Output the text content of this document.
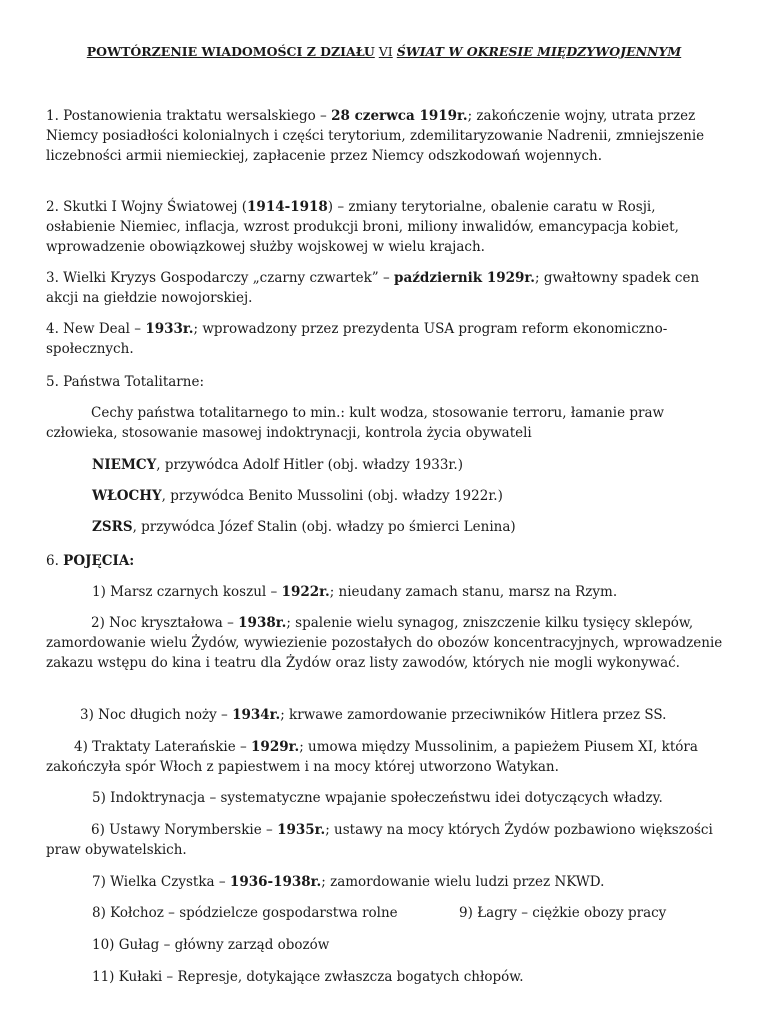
POWTÓRZENIE WIADOMOŚCI Z DZIAŁU VI ŚWIAT W OKRESIE MIĘDZYWOJENNYM

1. Postanowienia traktatu wersalskiego – 28 czerwca 1919r.; zakończenie wojny, utrata przez Niemcy posiadłości kolonialnych i części terytorium, zdemilitaryzowanie Nadrenii, zmniejszenie liczebności armii niemieckiej, zapłacenie przez Niemcy odszkodowań wojennych.

2. Skutki I Wojny Światowej (1914-1918) – zmiany terytorialne, obalenie caratu w Rosji, osłabienie Niemiec, inflacja, wzrost produkcji broni, miliony inwalidów, emancypacja kobiet, wprowadzenie obowiązkowej służby wojskowej w wielu krajach.

3. Wielki Kryzys Gospodarczy „czarny czwartek” – październik 1929r.; gwałtowny spadek cen akcji na giełdzie nowojorskiej.

4. New Deal – 1933r.; wprowadzony przez prezydenta USA program reform ekonomiczno-społecznych.

5. Państwa Totalitarne:

Cechy państwa totalitarnego to min.: kult wodza, stosowanie terroru, łamanie praw człowieka, stosowanie masowej indoktrynacji, kontrola życia obywateli

NIEMCY, przywódca Adolf Hitler (obj. władzy 1933r.)
WŁOCHY, przywódca Benito Mussolini (obj. władzy 1922r.)
ZSRS, przywódca Józef Stalin (obj. władzy po śmierci Lenina)

6. POJĘCIA:

1) Marsz czarnych koszul – 1922r.; nieudany zamach stanu, marsz na Rzym.

2) Noc kryształowa – 1938r.; spalenie wielu synagog, zniszczenie kilku tysięcy sklepów, zamordowanie wielu Żydów, wywiezienie pozostałych do obozów koncentracyjnych, wprowadzenie zakazu wstępu do kina i teatru dla Żydów oraz listy zawodów, których nie mogli wykonywać.

3) Noc długich noży – 1934r.; krwawe zamordowanie przeciwników Hitlera przez SS.

4) Traktaty Laterańskie – 1929r.; umowa między Mussolinim, a papieżem Piusem XI, która zakończyła spór Włoch z papiestwem i na mocy której utworzono Watykan.

5) Indoktrynacja – systematyczne wpajanie społeczeństwu idei dotyczących władzy.

6) Ustawy Norymberskie – 1935r.; ustawy na mocy których Żydów pozbawiono większości praw obywatelskich.

7) Wielka Czystka – 1936-1938r.; zamordowanie wielu ludzi przez NKWD.
8) Kołchoz – spódzielcze gospodarstwa rolne	9) Łagry – ciężkie obozy pracy
10) Gułag – główny zarząd obozów
11) Kułaki – Represje, dotykające zwłaszcza bogatych chłopów.
